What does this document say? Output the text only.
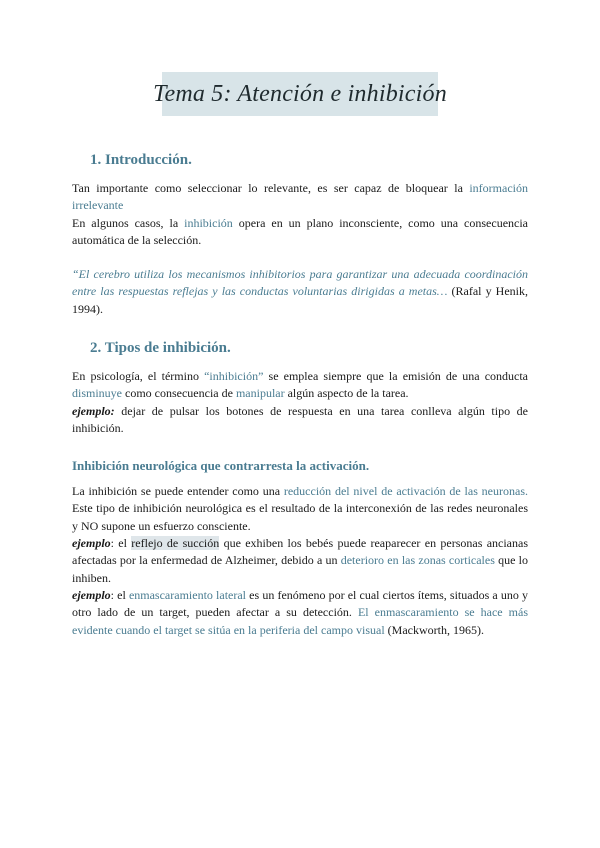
Tema 5: Atención e inhibición
1. Introducción.

Tan importante como seleccionar lo relevante, es ser capaz de bloquear la información irrelevante

En algunos casos, la inhibición opera en un plano inconsciente, como una consecuencia automática de la selección.

“El cerebro utiliza los mecanismos inhibitorios para garantizar una adecuada coordinación entre las respuestas reflejas y las conductas voluntarias dirigidas a metas… (Rafal y Henik, 1994).

2. Tipos de inhibición.

En psicología, el término “inhibición” se emplea siempre que la emisión de una conducta disminuye como consecuencia de manipular algún aspecto de la tarea.

ejemplo: dejar de pulsar los botones de respuesta en una tarea conlleva algún tipo de inhibición.

Inhibición neurológica que contrarresta la activación.

La inhibición se puede entender como una reducción del nivel de activación de las neuronas. Este tipo de inhibición neurológica es el resultado de la interconexión de las redes neuronales y NO supone un esfuerzo consciente.

ejemplo: el reflejo de succión que exhiben los bebés puede reaparecer en personas ancianas afectadas por la enfermedad de Alzheimer, debido a un deterioro en las zonas corticales que lo inhiben.

ejemplo: el enmascaramiento lateral es un fenómeno por el cual ciertos ítems, situados a uno y otro lado de un target, pueden afectar a su detección. El enmascaramiento se hace más evidente cuando el target se sitúa en la periferia del campo visual (Mackworth, 1965).
